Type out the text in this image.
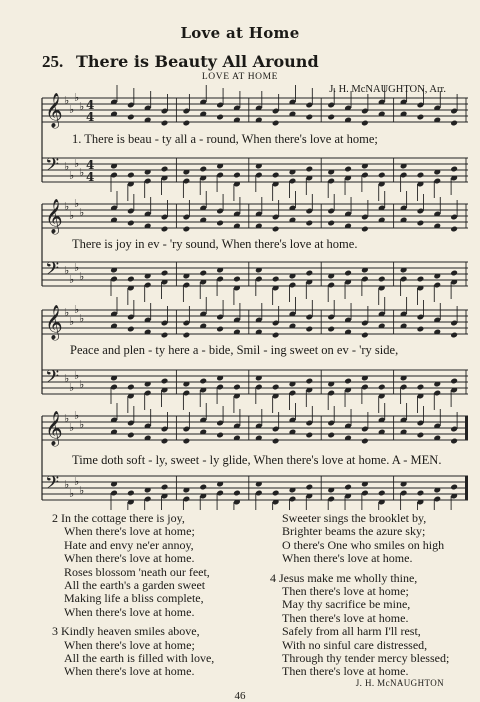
Love at Home
25. There is Beauty All Around
LOVE AT HOME
J. H. McNAUGHTON, Arr.
𝄞
𝄢
♭
♭
♭
♭
♭
♭
♭
♭
4
4
4
4
𝄞
𝄢
♭
♭
♭
♭
♭
♭
♭
♭
𝄞
𝄢
♭
♭
♭
♭
♭
♭
♭
♭
𝄞
𝄢
♭
♭
♭
♭
♭
♭
♭
♭
1. There is beau - ty all a - round, When there's love at home;
There is joy in ev - 'ry sound, When there's love at home.
Peace and plen - ty here a - bide, Smil - ing sweet on ev - 'ry side,
Time doth soft - ly, sweet - ly glide, When there's love at home. A - MEN.
2 In the cottage there is joy,
When there's love at home;
Hate and envy ne'er annoy,
When there's love at home.
Roses blossom 'neath our feet,
All the earth's a garden sweet
Making life a bliss complete,
When there's love at home.
3 Kindly heaven smiles above,
When there's love at home;
All the earth is filled with love,
When there's love at home.
Sweeter sings the brooklet by,
Brighter beams the azure sky;
O there's One who smiles on high
When there's love at home.
4 Jesus make me wholly thine,
Then there's love at home;
May thy sacrifice be mine,
Then there's love at home.
Safely from all harm I'll rest,
With no sinful care distressed,
Through thy tender mercy blessed;
Then there's love at home.
J. H. McNAUGHTON
46
